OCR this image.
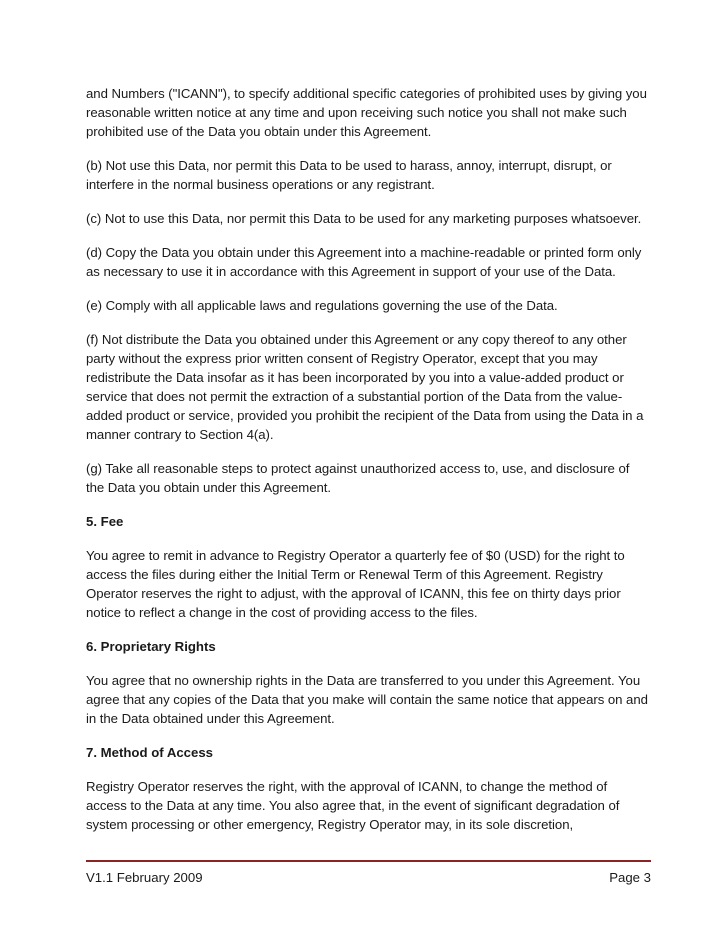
and Numbers ("ICANN"), to specify additional specific categories of prohibited uses by giving you reasonable written notice at any time and upon receiving such notice you shall not make such prohibited use of the Data you obtain under this Agreement.

(b) Not use this Data, nor permit this Data to be used to harass, annoy, interrupt, disrupt, or interfere in the normal business operations or any registrant.

(c) Not to use this Data, nor permit this Data to be used for any marketing purposes whatsoever.

(d) Copy the Data you obtain under this Agreement into a machine-readable or printed form only as necessary to use it in accordance with this Agreement in support of your use of the Data.

(e) Comply with all applicable laws and regulations governing the use of the Data.

(f) Not distribute the Data you obtained under this Agreement or any copy thereof to any other party without the express prior written consent of Registry Operator, except that you may redistribute the Data insofar as it has been incorporated by you into a value-added product or service that does not permit the extraction of a substantial portion of the Data from the value-added product or service, provided you prohibit the recipient of the Data from using the Data in a manner contrary to Section 4(a).

(g) Take all reasonable steps to protect against unauthorized access to, use, and disclosure of the Data you obtain under this Agreement.

5. Fee

You agree to remit in advance to Registry Operator a quarterly fee of $0 (USD) for the right to access the files during either the Initial Term or Renewal Term of this Agreement. Registry Operator reserves the right to adjust, with the approval of ICANN, this fee on thirty days prior notice to reflect a change in the cost of providing access to the files.

6. Proprietary Rights

You agree that no ownership rights in the Data are transferred to you under this Agreement. You agree that any copies of the Data that you make will contain the same notice that appears on and in the Data obtained under this Agreement.

7. Method of Access

Registry Operator reserves the right, with the approval of ICANN, to change the method of access to the Data at any time. You also agree that, in the event of significant degradation of system processing or other emergency, Registry Operator may, in its sole discretion,

V1.1 February 2009	Page 3
